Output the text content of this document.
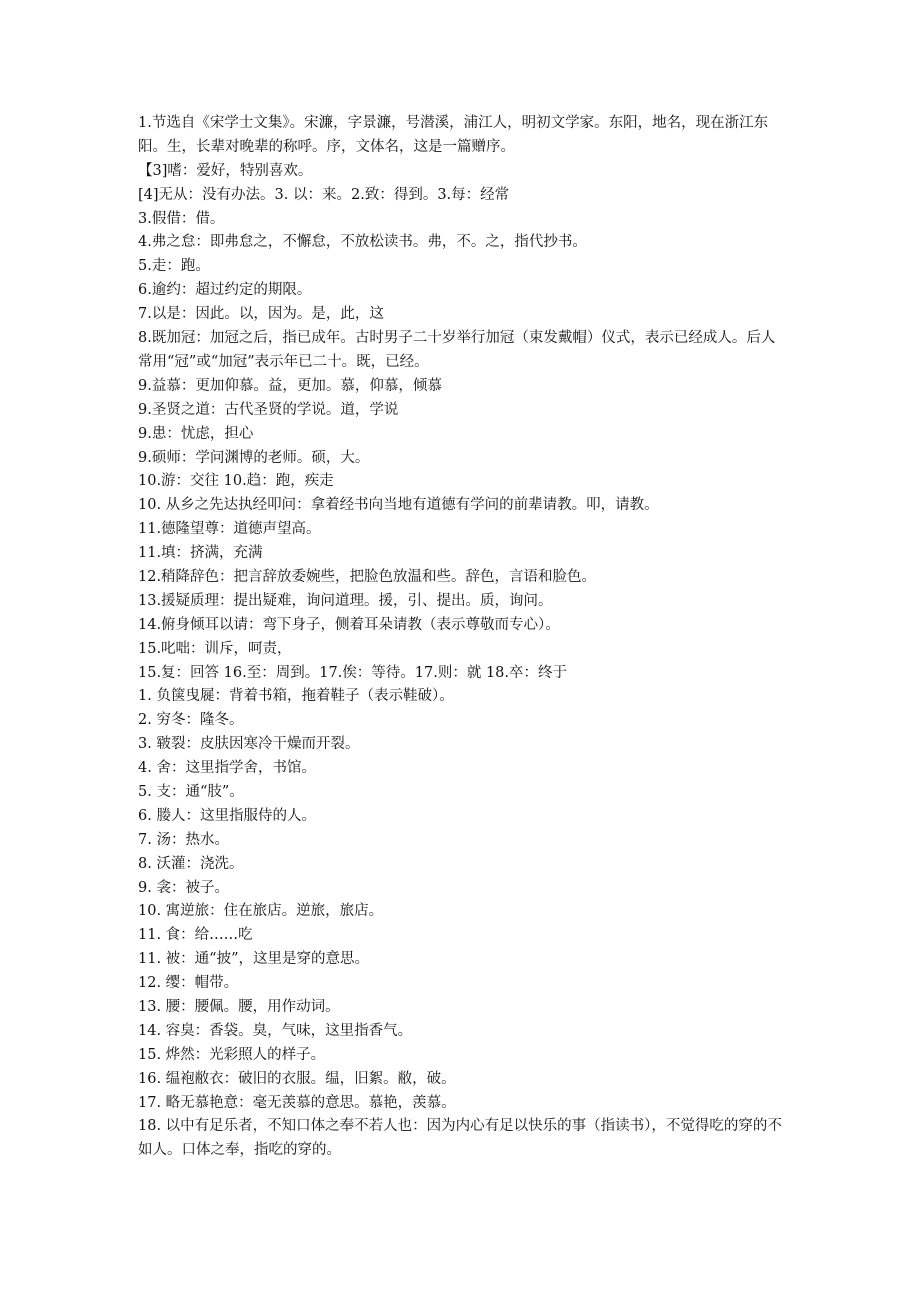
1.节选自《宋学士文集》。宋濂，字景濂，号潜溪，浦江人，明初文学家。东阳，地名，现在浙江东阳。生，长辈对晚辈的称呼。序，文体名，这是一篇赠序。
【3]嗜：爱好，特别喜欢。
[4]无从：没有办法。3. 以：来。2.致：得到。3.每：经常
3.假借：借。
4.弗之怠：即弗怠之，不懈怠，不放松读书。弗，不。之，指代抄书。
5.走：跑。
6.逾约：超过约定的期限。
7.以是：因此。以，因为。是，此，这
8.既加冠：加冠之后，指已成年。古时男子二十岁举行加冠（束发戴帽）仪式，表示已经成人。后人常用“冠”或“加冠”表示年已二十。既，已经。
9.益慕：更加仰慕。益，更加。慕，仰慕，倾慕
9.圣贤之道：古代圣贤的学说。道，学说
9.患：忧虑，担心
9.硕师：学问渊博的老师。硕，大。
10.游：交往 10.趋：跑，疾走
10. 从乡之先达执经叩问：拿着经书向当地有道德有学问的前辈请教。叩，请教。
11.德隆望尊：道德声望高。
11.填：挤满，充满
12.稍降辞色：把言辞放委婉些，把脸色放温和些。辞色，言语和脸色。
13.援疑质理：提出疑难，询问道理。援，引、提出。质，询问。
14.俯身倾耳以请：弯下身子，侧着耳朵请教（表示尊敬而专心）。
15.叱咄：训斥，呵责，
15.复：回答 16.至：周到。17.俟：等待。17.则：就 18.卒：终于
1. 负箧曳屣：背着书箱，拖着鞋子（表示鞋破）。
2. 穷冬：隆冬。
3. 皲裂：皮肤因寒冷干燥而开裂。
4. 舍：这里指学舍，书馆。
5. 支：通“肢”。
6. 媵人：这里指服侍的人。
7. 汤：热水。
8. 沃灌：浇洗。
9. 衾：被子。
10. 寓逆旅：住在旅店。逆旅，旅店。
11. 食：给……吃
11. 被：通“披”，这里是穿的意思。
12. 缨：帽带。
13. 腰：腰佩。腰，用作动词。
14. 容臭：香袋。臭，气味，这里指香气。
15. 烨然：光彩照人的样子。
16. 缊袍敝衣：破旧的衣服。缊，旧絮。敝，破。
17. 略无慕艳意：毫无羡慕的意思。慕艳，羡慕。
18. 以中有足乐者，不知口体之奉不若人也：因为内心有足以快乐的事（指读书），不觉得吃的穿的不如人。口体之奉，指吃的穿的。
